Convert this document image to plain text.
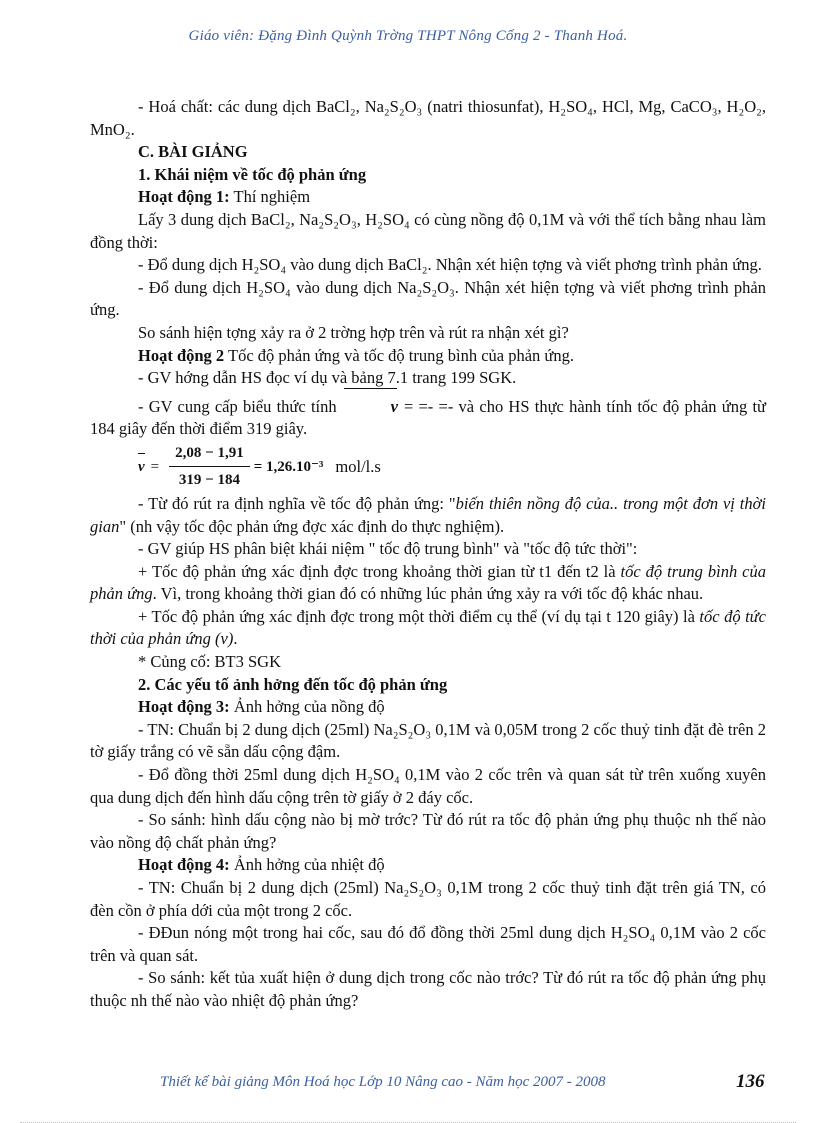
Giáo viên: Đặng Đình Quỳnh Trờng THPT Nông Cống 2 - Thanh Hoá.

- Hoá chất: các dung dịch BaCl₂, Na₂S₂O₃ (natri thiosunfat), H₂SO₄, HCl, Mg, CaCO₃, H₂O₂, MnO₂.

C. BÀI GIẢNG

1. Khái niệm về tốc độ phản ứng

Hoạt động 1: Thí nghiệm

Lấy 3 dung dịch BaCl₂, Na₂S₂O₃, H₂SO₄ có cùng nồng độ 0,1M và với thể tích bằng nhau làm đồng thời:

- Đổ dung dịch H₂SO₄ vào dung dịch BaCl₂. Nhận xét hiện tợng và viết phơng trình phản ứng.

- Đổ dung dịch H₂SO₄ vào dung dịch Na₂S₂O₃. Nhận xét hiện tợng và viết phơng trình phản ứng.

So sánh hiện tợng xảy ra ở 2 trờng hợp trên và rút ra nhận xét gì?

Hoạt động 2 Tốc độ phản ứng và tốc độ trung bình của phản ứng.

- GV hớng dẫn HS đọc ví dụ và bảng 7.1 trang 199 SGK.

- GV cung cấp biểu thức tính	v = =- =- và cho HS thực hành tính tốc độ phản ứng từ 184 giây đến thời điểm 319 giây.

$v = \frac{2,08 - 1,91}{319 - 184} = 1,26.10^{-3}$ mol/l.s

- Từ đó rút ra định nghĩa về tốc độ phản ứng: "biến thiên nồng độ của.. trong một đơn vị thời gian" (nh vậy tốc độc phản ứng đợc xác định do thực nghiệm).

- GV giúp HS phân biệt khái niệm " tốc độ trung bình" và "tốc độ tức thời":

+ Tốc độ phản ứng xác định đợc trong khoảng thời gian từ t1 đến t2 là tốc độ trung bình của phản ứng. Vì, trong khoảng thời gian đó có những lúc phản ứng xảy ra với tốc độ khác nhau.

+ Tốc độ phản ứng xác định đợc trong một thời điểm cụ thể (ví dụ tại t 120 giây) là tốc độ tức thời của phản ứng (v).

* Củng cố: BT3 SGK

2. Các yếu tố ảnh hởng đến tốc độ phản ứng

Hoạt động 3: Ảnh hởng của nồng độ

- TN: Chuẩn bị 2 dung dịch (25ml) Na₂S₂O₃ 0,1M và 0,05M trong 2 cốc thuỷ tinh đặt đè trên 2 tờ giấy trắng có vẽ sẵn dấu cộng đậm.

- Đổ đồng thời 25ml dung dịch H₂SO₄ 0,1M vào 2 cốc trên và quan sát từ trên xuống xuyên qua dung dịch đến hình dấu cộng trên tờ giấy ở 2 đáy cốc.

- So sánh: hình dấu cộng nào bị mờ trớc? Từ đó rút ra tốc độ phản ứng phụ thuộc nh thế nào vào nồng độ chất phản ứng?

Hoạt động 4: Ảnh hởng của nhiệt độ

- TN: Chuẩn bị 2 dung dịch (25ml) Na₂S₂O₃ 0,1M trong 2 cốc thuỷ tinh đặt trên giá TN, có đèn cồn ở phía dới của một trong 2 cốc.

- ĐĐun nóng một trong hai cốc, sau đó đổ đồng thời 25ml dung dịch H₂SO₄ 0,1M vào 2 cốc trên và quan sát.

- So sánh: kết tủa xuất hiện ở dung dịch trong cốc nào trớc? Từ đó rút ra tốc độ phản ứng phụ thuộc nh thế nào vào nhiệt độ phản ứng?

Thiết kế bài giảng Môn Hoá học Lớp 10 Nâng cao - Năm học 2007 - 2008	136
